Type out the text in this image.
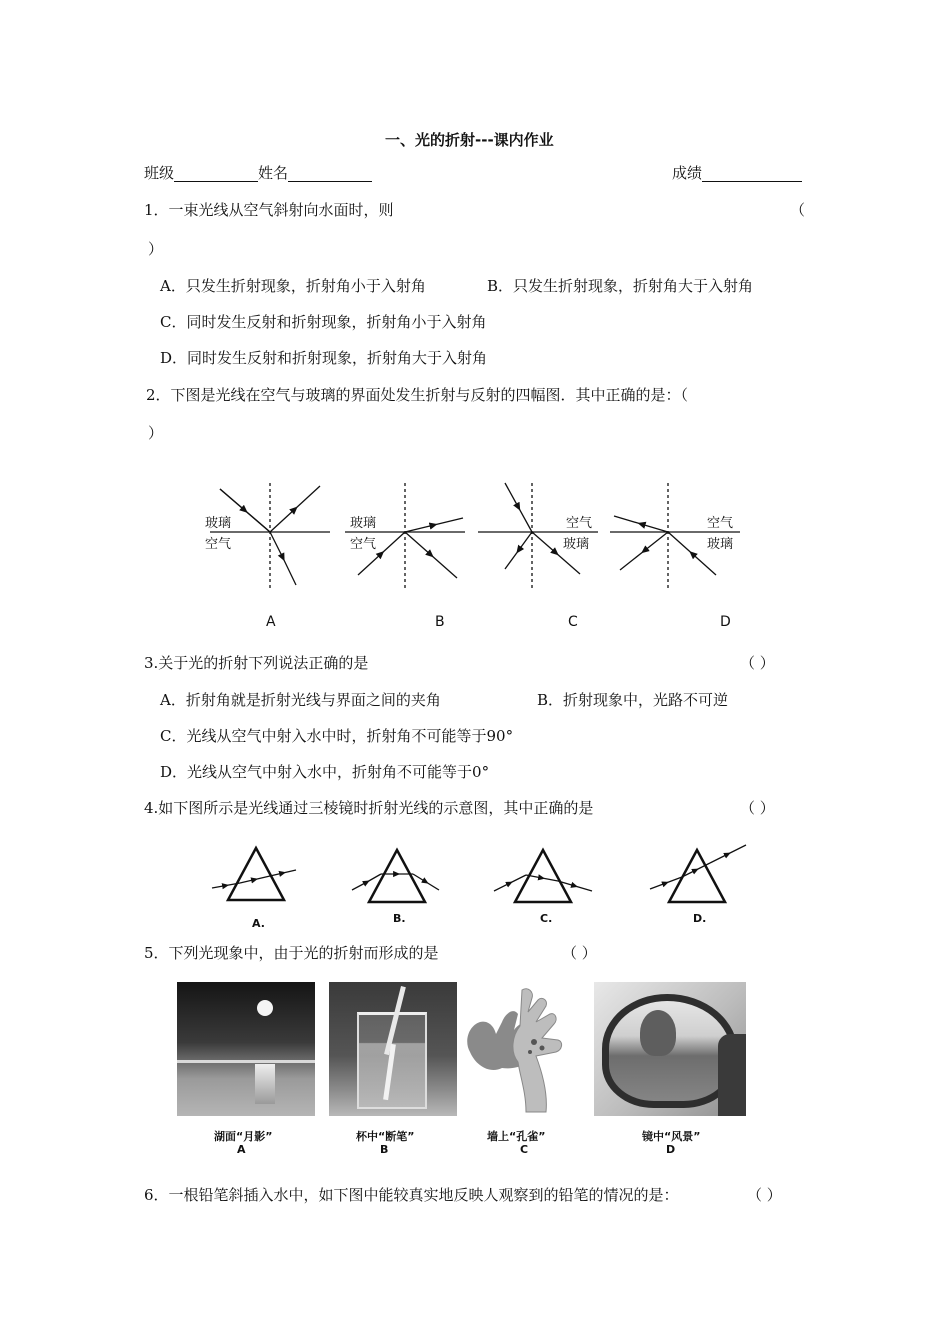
一、光的折射---课内作业
班级	姓名	成绩
1．一束光线从空气斜射向水面时，则	（
）
A．只发生折射现象，折射角小于入射角	B．只发生折射现象，折射角大于入射角
C．同时发生反射和折射现象，折射角小于入射角
D．同时发生反射和折射现象，折射角大于入射角
2．下图是光线在空气与玻璃的界面处发生折射与反射的四幅图．其中正确的是：（
）
玻璃
空气
玻璃
空气
空气
玻璃
空气
玻璃
A	B	C	D
3.关于光的折射下列说法正确的是	（ ）
A．折射角就是折射光线与界面之间的夹角	B．折射现象中，光路不可逆
C．光线从空气中射入水中时，折射角不可能等于90°
D．光线从空气中射入水中，折射角不可能等于0°
4.如下图所示是光线通过三棱镜时折射光线的示意图，其中正确的是	（ ）
A.	B.	C.	D.
5．下列光现象中，由于光的折射而形成的是	（ ）
湖面“月影”	杯中“断笔”	墙上“孔雀”	镜中“风景”
A	B	C	D
6．一根铅笔斜插入水中，如下图中能较真实地反映人观察到的铅笔的情况的是：	（ ）
